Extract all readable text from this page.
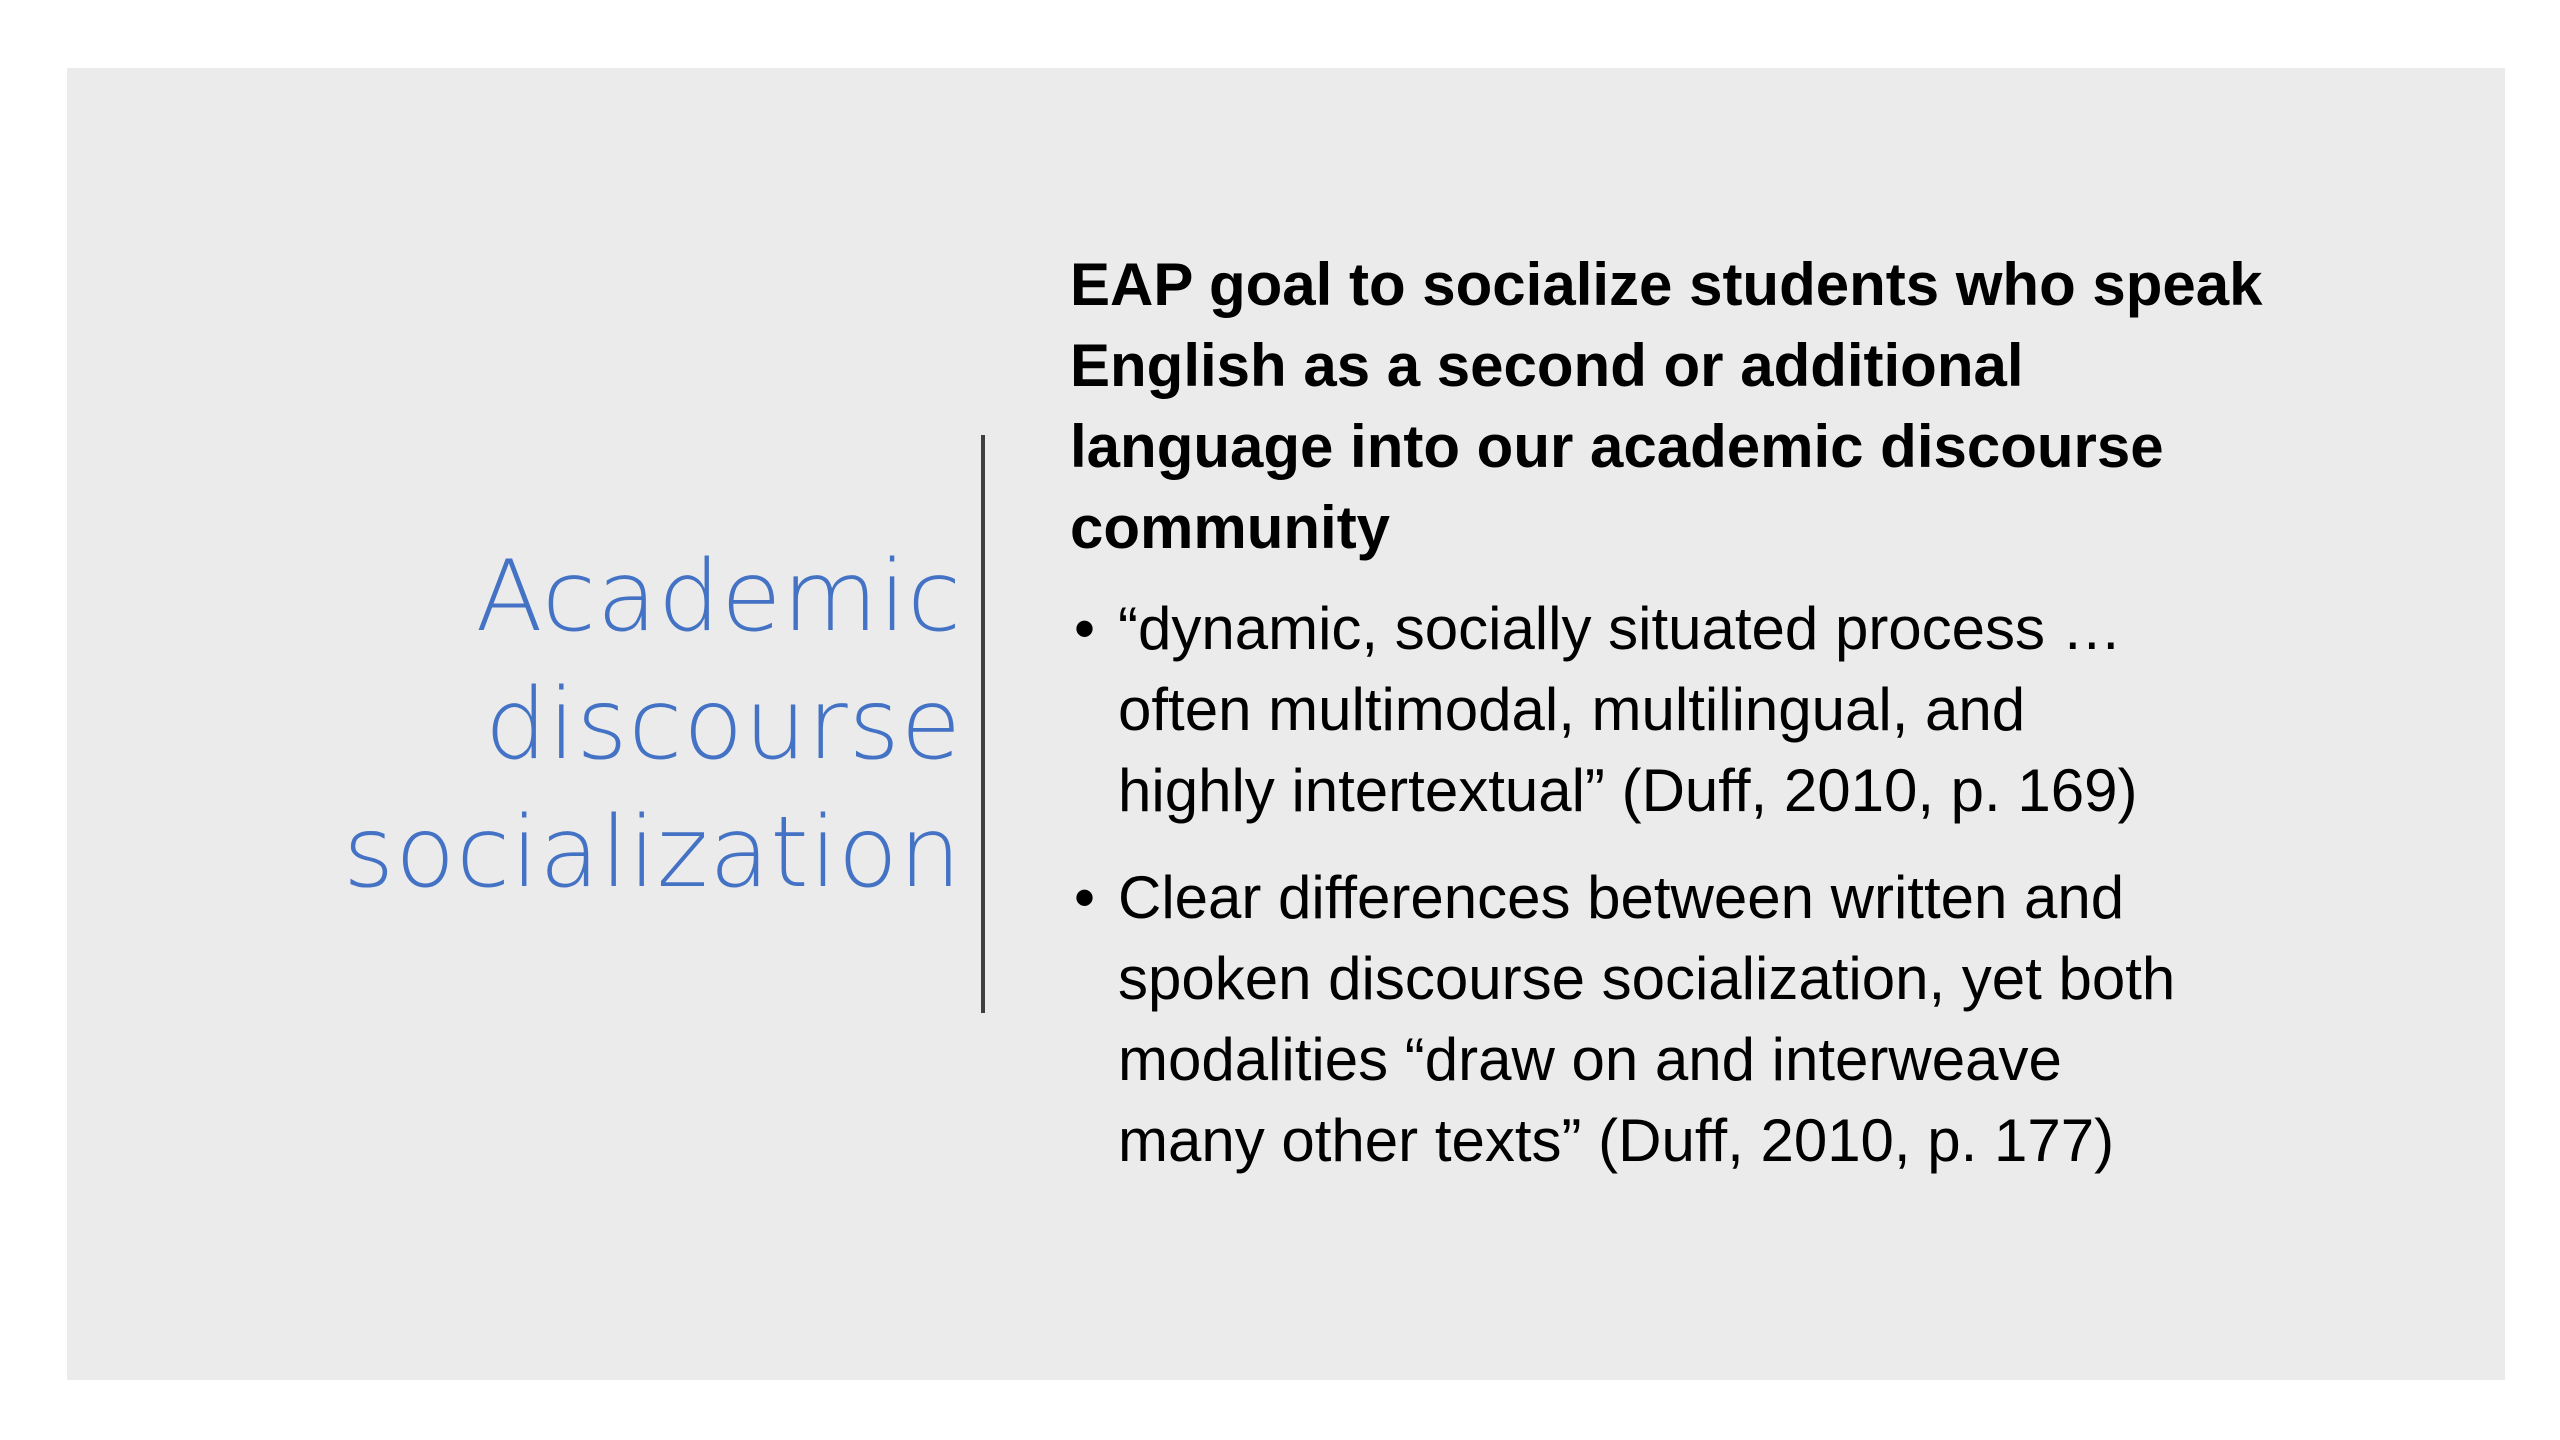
Academic
discourse
socialization
EAP goal to socialize students who speak
English as a second or additional
language into our academic discourse
community
• “dynamic, socially situated process …
often multimodal, multilingual, and
highly intertextual” (Duff, 2010, p. 169)
• Clear differences between written and
spoken discourse socialization, yet both
modalities “draw on and interweave
many other texts” (Duff, 2010, p. 177)
